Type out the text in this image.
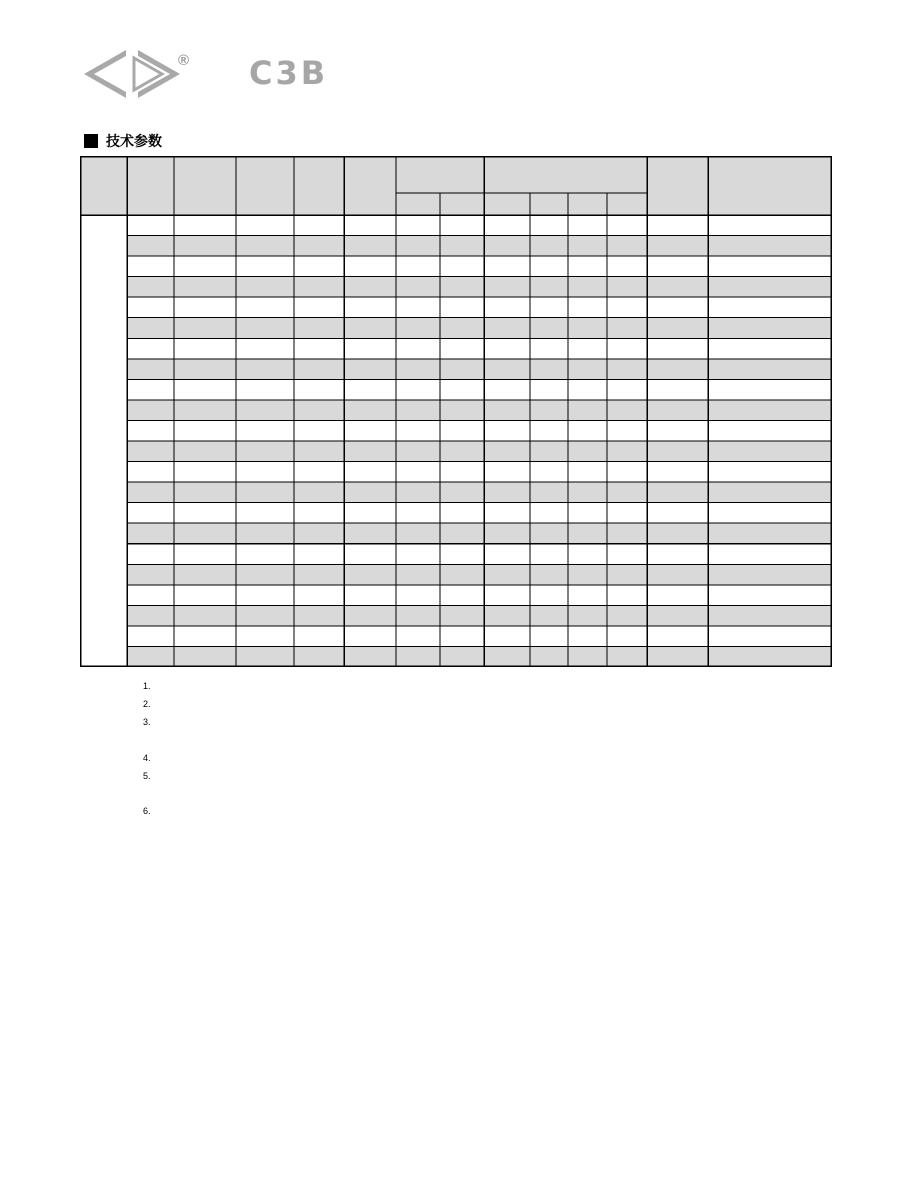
® C3B
技术参数
1.
2.
3.
4.
5.
6.
